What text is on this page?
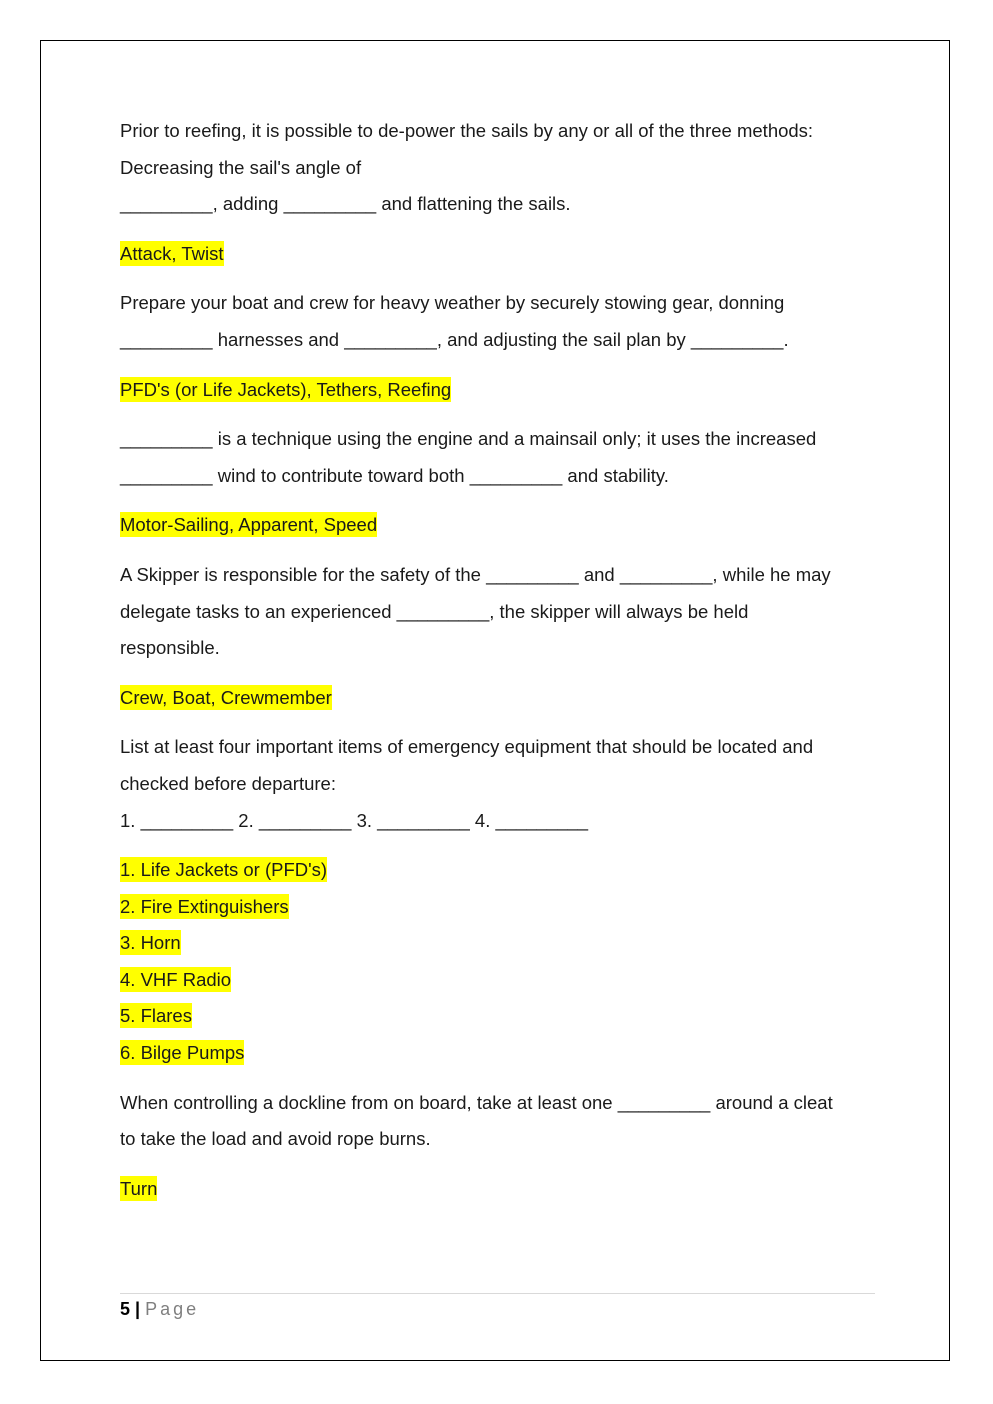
Prior to reefing, it is possible to de-power the sails by any or all of the three methods:
Decreasing the sail's angle of
_________, adding _________ and flattening the sails.
Attack, Twist
Prepare your boat and crew for heavy weather by securely stowing gear, donning
_________ harnesses and _________, and adjusting the sail plan by _________.
PFD's (or Life Jackets), Tethers, Reefing
_________ is a technique using the engine and a mainsail only; it uses the increased
_________ wind to contribute toward both _________ and stability.
Motor-Sailing, Apparent, Speed
A Skipper is responsible for the safety of the _________ and _________, while he may
delegate tasks to an experienced _________, the skipper will always be held
responsible.
Crew, Boat, Crewmember
List at least four important items of emergency equipment that should be located and
checked before departure:
1. _________ 2. _________ 3. _________ 4. _________
1. Life Jackets or (PFD's)
2. Fire Extinguishers
3. Horn
4. VHF Radio
5. Flares
6. Bilge Pumps
When controlling a dockline from on board, take at least one _________ around a cleat
to take the load and avoid rope burns.
Turn
5 | Page
